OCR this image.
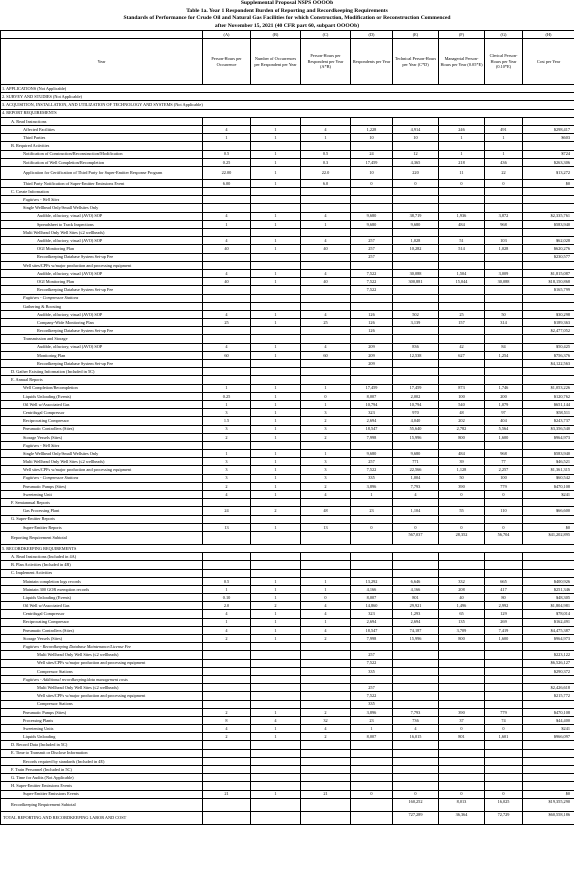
Supplemental Proposal NSPS OOOOb
Table 1a. Year 1 Respondent Burden of Reporting and Recordkeeping Requirements
Standards of Performance for Crude Oil and Natural Gas Facilities for which Construction, Modification or Reconstruction Commenced
after November 15, 2021 (40 CFR part 60, subpart OOOOb)
	(A)	(B)	(C)	(D)	(E)	(F)	(G)	(H)
Year	Person-Hours per Occurrence	Number of Occurrences per Respondent per Year	Person-Hours per Respondent per Year (A*B)	Respondents per Year	Technical Person-Hours per Year (C*D)	Managerial Person-Hours per Year (0.05*E)	Clerical Person-Hours per Year (0.10*E)	Cost per Year
1. APPLICATIONS (Not Applicable)								
2. SURVEY AND STUDIES (Not Applicable)								
3. ACQUISITION, INSTALLATION, AND UTILIZATION OF TECHNOLOGY AND SYSTEMS (Not Applicable)								
4. REPORT REQUIREMENTS								
A. Read Instructions								
Affected Facilities	4	1	4	1,228	4,914	246	491	$298,417
Third Parties	1	1	1	10	10	1	1	$603
B. Required Activities								
Notification of Construction/Reconstruction/Modification	0.5	1	0.5	24	12	1	1	$724
Notification of Well Completion/Recompletion	0.25	1	0.3	17,459	4,365	218	436	$263,306
Application for Certification of Third Party for Super-Emitter Response Program	22.00	1	22.0	10	220	11	22	$13,272
Third Party Notification of Super-Emitter Emissions Event	6.00	1	6.0	0	0	0	0	$0
C. Create Information								
Fugitives - Well Sites								
Single Wellhead Only/Small Wellsites Only								
Audible, olfactory, visual (AVO) SOP	4	1	4	9,680	38,719	1,936	3,872	$2,335,761
Spreadsheet to Track Inspections	1	1	1	9,680	9,680	484	968	$583,940
Multi Wellhead Only Well Sites (≤2 wellheads)								
Audible, olfactory, visual (AVO) SOP	4	1	4	257	1,028	51	103	$62,028
OGI Monitoring Plan	40	1	40	257	10,282	514	1,028	$620,276
Recordkeeping Database System Set-up Fee				257				$230,577
Well sites/CPFs w/major production and processing equipment								
Audible, olfactory, visual (AVO) SOP	4	1	4	7,522	30,088	1,504	3,009	$1,815,087
OGI Monitoring Plan	40	1	40	7,522	300,881	15,044	30,088	$18,150,868
Recordkeeping Database System Set-up Fee				7,522				$165,799
Fugitives - Compressor Stations								
Gathering & Boosting								
Audible, olfactory, visual (AVO) SOP	4	1	4	126	502	25	50	$30,298
Company-Wide Monitoring Plan	25	1	25	126	3,139	157	314	$189,363
Recordkeeping Database System Set-up Fee				126				$2,477,052
Transmission and Storage								
Audible, olfactory, visual (AVO) SOP	4	1	4	209	836	42	84	$50,425
Monitoring Plan	60	1	60	209	12,538	627	1,254	$756,376
Recordkeeping Database System Set-up Fee				209				$4,122,563
D. Gather Existing Information (Included in 5C)								
E. Annual Reports								
Well Completion/Recompletion	1	1	1	17,459	17,459	873	1,746	$1,053,226
Liquids Unloading (Events)	0.25	1	0	8,007	2,002	100	200	$120,762
Oil Well w/Associated Gas	1	1	1	10,794	10,794	540	1,079	$651,144
Centrifugal Compressor	3	1	3	323	970	48	97	$58,511
Reciprocating Compressor	1.5	1	2	2,694	4,040	202	404	$243,737
Pneumatic Controllers (Sites)	3	1	3	18,547	55,640	2,782	5,564	$3,356,540
Storage Vessels (Sites)	2	1	2	7,998	15,996	800	1,600	$964,973
Fugitives - Well Sites								
Single Wellhead Only/Small Wellsites Only	1	1	1	9,680	9,680	484	968	$583,940
Multi Wellhead Only Well Sites (≤2 wellheads)	3	1	3	257	771	39	77	$46,521
Well sites/CPFs w/major production and processing equipment	3	1	3	7,522	22,566	1,128	2,257	$1,361,315
Fugitives - Compressor Stations	3	1	3	335	1,004	50	100	$60,542
Pneumatic Pumps (Sites)	2	1	2	3,896	7,793	390	779	$470,108
Sweetening Unit	4	1	4	1	4	0	0	$241
F. Semiannual Reports								
Gas Processing Plant	24	2	48	23	1,104	55	110	$66,600
G. Super-Emitter Reports								
Super-Emitter Reports	13	1	13	0	0	0	0	$0
Reporting Requirement Subtotal					567,037	28,352	56,704	$41,202,895
5. RECORDKEEPING REQUIREMENTS								
A. Read Instructions (Included in 4A)								
B. Plan Activities (Included in 4B)								
C. Implement Activities								
Maintain completion logs records	0.5	1	1	13,292	6,646	332	665	$400,926
Maintain 300 GOR exemption records	1	1	1	4,166	4,166	208	417	$251,346
Liquids Unloading (Events)	0.10	1	0	8,007	801	40	80	$48,305
Oil Well w/Associated Gas	2.0	2	4	14,860	29,921	1,496	2,992	$1,804,981
Centrifugal Compressor	4	1	4	323	1,293	65	129	$78,014
Reciprocating Compressor	1	1	1	2,694	2,694	135	269	$162,491
Pneumatic Controllers (Sites)	4	1	4	18,547	74,187	3,709	7,419	$4,475,387
Storage Vessels (Sites)	2	1	2	7,998	15,996	800	1,600	$964,973
Fugitives - Recordkeeping Database Maintenance/License Fee								
Multi Wellhead Only Well Sites (≤2 wellheads)				257				$223,122
Well sites/CPFs w/major production and processing equipment				7,522				$6,526,127
Compressor Stations				335				$290,372
Fugitives - Additional recordkeeping/data management costs								
Multi Wellhead Only Well Sites (≤2 wellheads)				257				$2,426,618
Well sites/CPFs w/major production and processing equipment				7,522				$215,772
Compressor Stations				335				
Pneumatic Pumps (Sites)	2	1	2	3,896	7,793	390	779	$470,108
Processing Plants	8	4	32	23	736	37	74	$44,400
Sweetening Units	4	1	4	1	4	0	0	$241
Liquids Unloading	2	1	2	8,007	16,015	801	1,601	$966,097
D. Record Data (Included in 5C)								
E. Time to Transmit or Disclose Information								
Records required by standards (Included in 4E)								
F. Train Personnel (Included in 5C)								
G. Time for Audits (Not Applicable)								
H. Super-Emitter Emissions Events								
Super-Emitter Emissions Events	21	1	21	0	0	0	0	$0
Recordkeeping Requirement Subtotal					160,252	8,013	16,025	$19,355,290
TOTAL REPORTING AND RECORDKEEPING LABOR AND COST					727,289	36,364	72,729	$60,558,186
